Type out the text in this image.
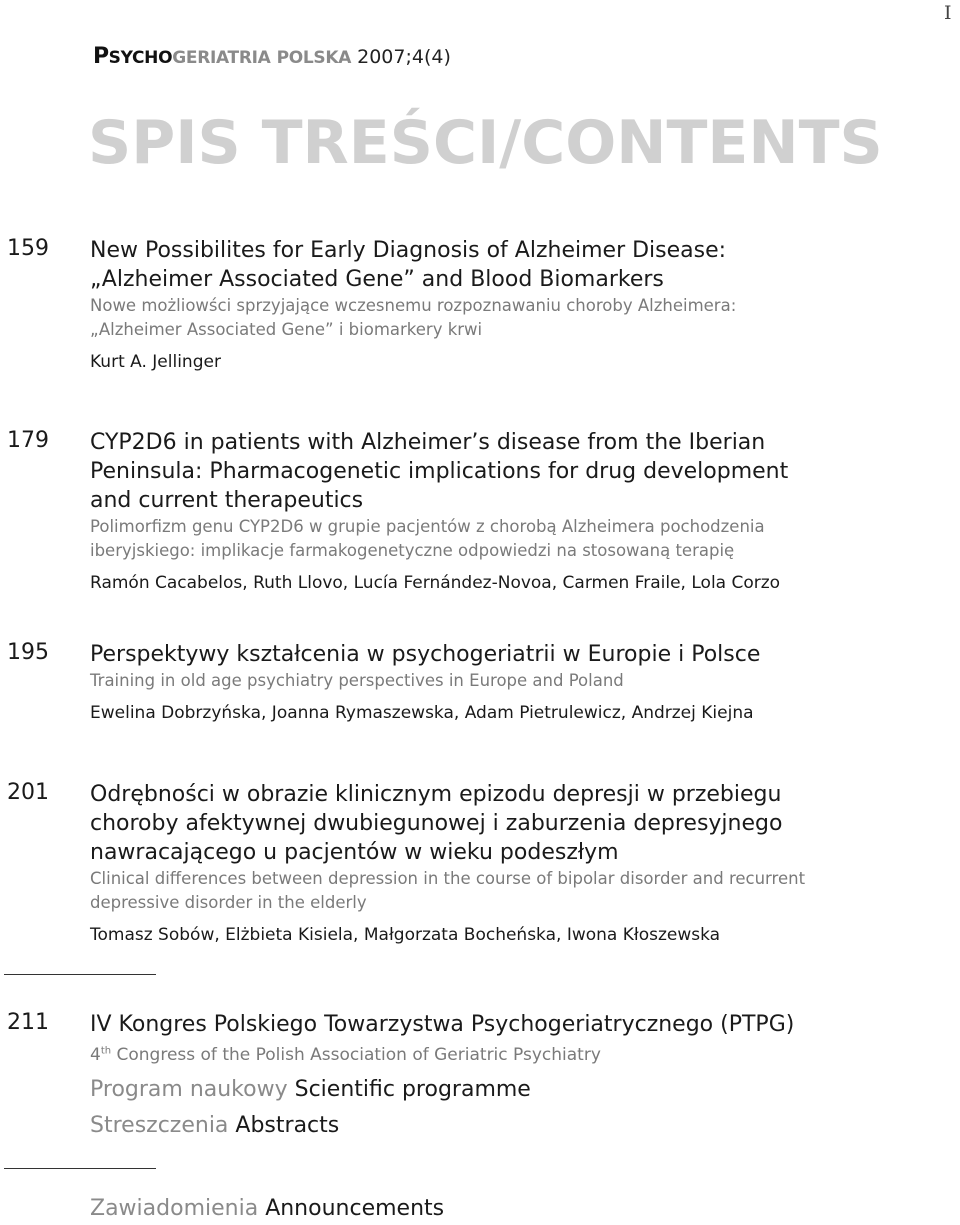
I
PSYCHOGERIATRIA POLSKA 2007;4(4)
SPIS TREŚCI/CONTENTS
159 New Possibilites for Early Diagnosis of Alzheimer Disease:

„Alzheimer Associated Gene” and Blood Biomarkers

Nowe możliowści sprzyjające wczesnemu rozpoznawaniu choroby Alzheimera:

„Alzheimer Associated Gene” i biomarkery krwi

Kurt A. Jellinger
179 CYP2D6 in patients with Alzheimer’s disease from the Iberian

Peninsula: Pharmacogenetic implications for drug development

and current therapeutics

Polimorfizm genu CYP2D6 w grupie pacjentów z chorobą Alzheimera pochodzenia

iberyjskiego: implikacje farmakogenetyczne odpowiedzi na stosowaną terapię

Ramón Cacabelos, Ruth Llovo, Lucía Fernández-Novoa, Carmen Fraile, Lola Corzo
195 Perspektywy kształcenia w psychogeriatrii w Europie i Polsce

Training in old age psychiatry perspectives in Europe and Poland

Ewelina Dobrzyńska, Joanna Rymaszewska, Adam Pietrulewicz, Andrzej Kiejna
201 Odrębności w obrazie klinicznym epizodu depresji w przebiegu

choroby afektywnej dwubiegunowej i zaburzenia depresyjnego

nawracającego u pacjentów w wieku podeszłym

Clinical differences between depression in the course of bipolar disorder and recurrent

depressive disorder in the elderly

Tomasz Sobów, Elżbieta Kisiela, Małgorzata Bocheńska, Iwona Kłoszewska
211 IV Kongres Polskiego Towarzystwa Psychogeriatrycznego (PTPG)

4th Congress of the Polish Association of Geriatric Psychiatry

Program naukowy Scientific programme
Streszczenia Abstracts
Zawiadomienia Announcements
